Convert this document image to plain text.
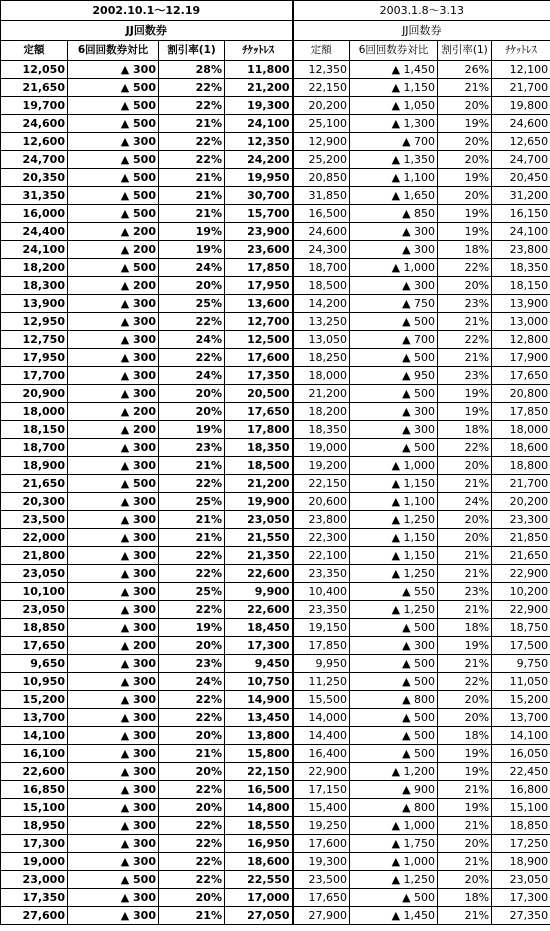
2002.10.1～12.19				2003.1.8～3.13			
JJ回数券				JJ回数券			
定額	6回回数券対比	割引率(1)	ﾁｹｯﾄﾚｽ	定額	6回回数券対比	割引率(1)	ﾁｹｯﾄﾚｽ
12,050	▲ 300	28%	11,800	12,350	▲ 1,450	26%	12,100
21,650	▲ 500	22%	21,200	22,150	▲ 1,150	21%	21,700
19,700	▲ 500	22%	19,300	20,200	▲ 1,050	20%	19,800
24,600	▲ 500	21%	24,100	25,100	▲ 1,300	19%	24,600
12,600	▲ 300	22%	12,350	12,900	▲ 700	20%	12,650
24,700	▲ 500	22%	24,200	25,200	▲ 1,350	20%	24,700
20,350	▲ 500	21%	19,950	20,850	▲ 1,100	19%	20,450
31,350	▲ 500	21%	30,700	31,850	▲ 1,650	20%	31,200
16,000	▲ 500	21%	15,700	16,500	▲ 850	19%	16,150
24,400	▲ 200	19%	23,900	24,600	▲ 300	19%	24,100
24,100	▲ 200	19%	23,600	24,300	▲ 300	18%	23,800
18,200	▲ 500	24%	17,850	18,700	▲ 1,000	22%	18,350
18,300	▲ 200	20%	17,950	18,500	▲ 300	20%	18,150
13,900	▲ 300	25%	13,600	14,200	▲ 750	23%	13,900
12,950	▲ 300	22%	12,700	13,250	▲ 500	21%	13,000
12,750	▲ 300	24%	12,500	13,050	▲ 700	22%	12,800
17,950	▲ 300	22%	17,600	18,250	▲ 500	21%	17,900
17,700	▲ 300	24%	17,350	18,000	▲ 950	23%	17,650
20,900	▲ 300	20%	20,500	21,200	▲ 500	19%	20,800
18,000	▲ 200	20%	17,650	18,200	▲ 300	19%	17,850
18,150	▲ 200	19%	17,800	18,350	▲ 300	18%	18,000
18,700	▲ 300	23%	18,350	19,000	▲ 500	22%	18,600
18,900	▲ 300	21%	18,500	19,200	▲ 1,000	20%	18,800
21,650	▲ 500	22%	21,200	22,150	▲ 1,150	21%	21,700
20,300	▲ 300	25%	19,900	20,600	▲ 1,100	24%	20,200
23,500	▲ 300	21%	23,050	23,800	▲ 1,250	20%	23,300
22,000	▲ 300	21%	21,550	22,300	▲ 1,150	20%	21,850
21,800	▲ 300	22%	21,350	22,100	▲ 1,150	21%	21,650
23,050	▲ 300	22%	22,600	23,350	▲ 1,250	21%	22,900
10,100	▲ 300	25%	9,900	10,400	▲ 550	23%	10,200
23,050	▲ 300	22%	22,600	23,350	▲ 1,250	21%	22,900
18,850	▲ 300	19%	18,450	19,150	▲ 500	18%	18,750
17,650	▲ 200	20%	17,300	17,850	▲ 300	19%	17,500
9,650	▲ 300	23%	9,450	9,950	▲ 500	21%	9,750
10,950	▲ 300	24%	10,750	11,250	▲ 500	22%	11,050
15,200	▲ 300	22%	14,900	15,500	▲ 800	20%	15,200
13,700	▲ 300	22%	13,450	14,000	▲ 500	20%	13,700
14,100	▲ 300	20%	13,800	14,400	▲ 500	18%	14,100
16,100	▲ 300	21%	15,800	16,400	▲ 500	19%	16,050
22,600	▲ 300	20%	22,150	22,900	▲ 1,200	19%	22,450
16,850	▲ 300	22%	16,500	17,150	▲ 900	21%	16,800
15,100	▲ 300	20%	14,800	15,400	▲ 800	19%	15,100
18,950	▲ 300	22%	18,550	19,250	▲ 1,000	21%	18,850
17,300	▲ 300	22%	16,950	17,600	▲ 1,750	20%	17,250
19,000	▲ 300	22%	18,600	19,300	▲ 1,000	21%	18,900
23,000	▲ 500	22%	22,550	23,500	▲ 1,250	20%	23,050
17,350	▲ 300	20%	17,000	17,650	▲ 500	18%	17,300
27,600	▲ 300	21%	27,050	27,900	▲ 1,450	21%	27,350
